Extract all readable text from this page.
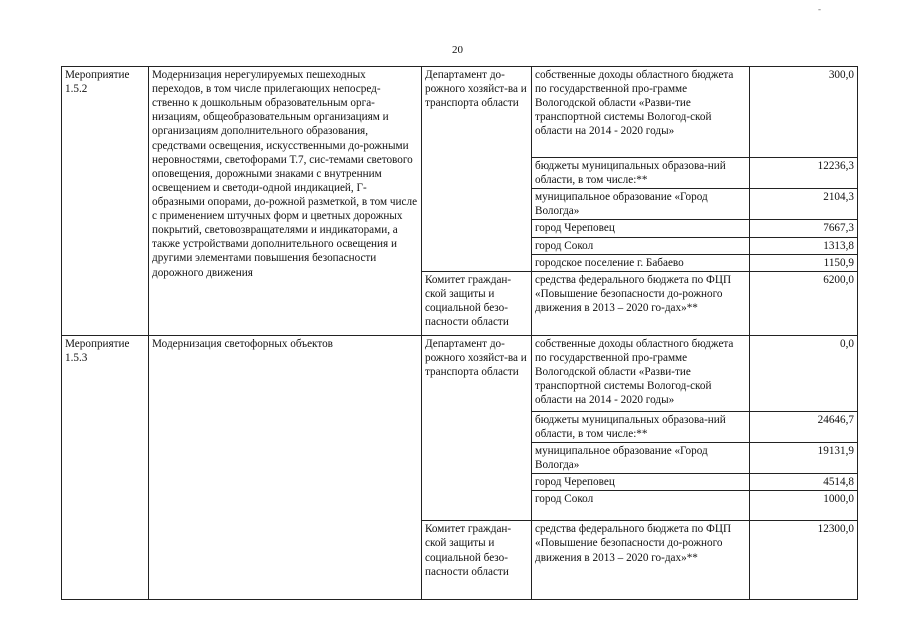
20
‑
Мероприятие 1.5.2	Модернизация нерегулируемых пешеходных переходов, в том числе прилегающих непосред-ственно к дошкольным образовательным орга-низациям, общеобразовательным организациям и организациям дополнительного образования, средствами освещения, искусственными до-рожными неровностями, светофорами Т.7, сис-темами светового оповещения, дорожными знаками с внутренним освещением и светоди-одной индикацией, Г-образными опорами, до-рожной разметкой, в том числе с применением штучных форм и цветных дорожных покрытий, световозвращателями и индикаторами, а также устройствами дополнительного освещения и другими элементами повышения безопасности дорожного движения	Департамент до-рожного хозяйст-ва и транспорта области	собственные доходы областного бюджета по государственной про-грамме Вологодской области «Разви-тие транспортной системы Вологод-ской области на 2014 - 2020 годы»	300,0
			бюджеты муниципальных образова-ний области, в том числе:**	12236,3
			муниципальное образование «Город Вологда»	2104,3
			город Череповец	7667,3
			город Сокол	1313,8
			городское поселение г. Бабаево	1150,9
		Комитет граждан-ской защиты и социальной безо-пасности области	средства федерального бюджета по ФЦП «Повышение безопасности до-рожного движения в 2013 – 2020 го-дах»**	6200,0
Мероприятие 1.5.3	Модернизация светофорных объектов	Департамент до-рожного хозяйст-ва и транспорта области	собственные доходы областного бюджета по государственной про-грамме Вологодской области «Разви-тие транспортной системы Вологод-ской области на 2014 - 2020 годы»	0,0
			бюджеты муниципальных образова-ний области, в том числе:**	24646,7
			муниципальное образование «Город Вологда»	19131,9
			город Череповец	4514,8
			город Сокол	1000,0
		Комитет граждан-ской защиты и социальной безо-пасности области	средства федерального бюджета по ФЦП «Повышение безопасности до-рожного движения в 2013 – 2020 го-дах»**	12300,0
